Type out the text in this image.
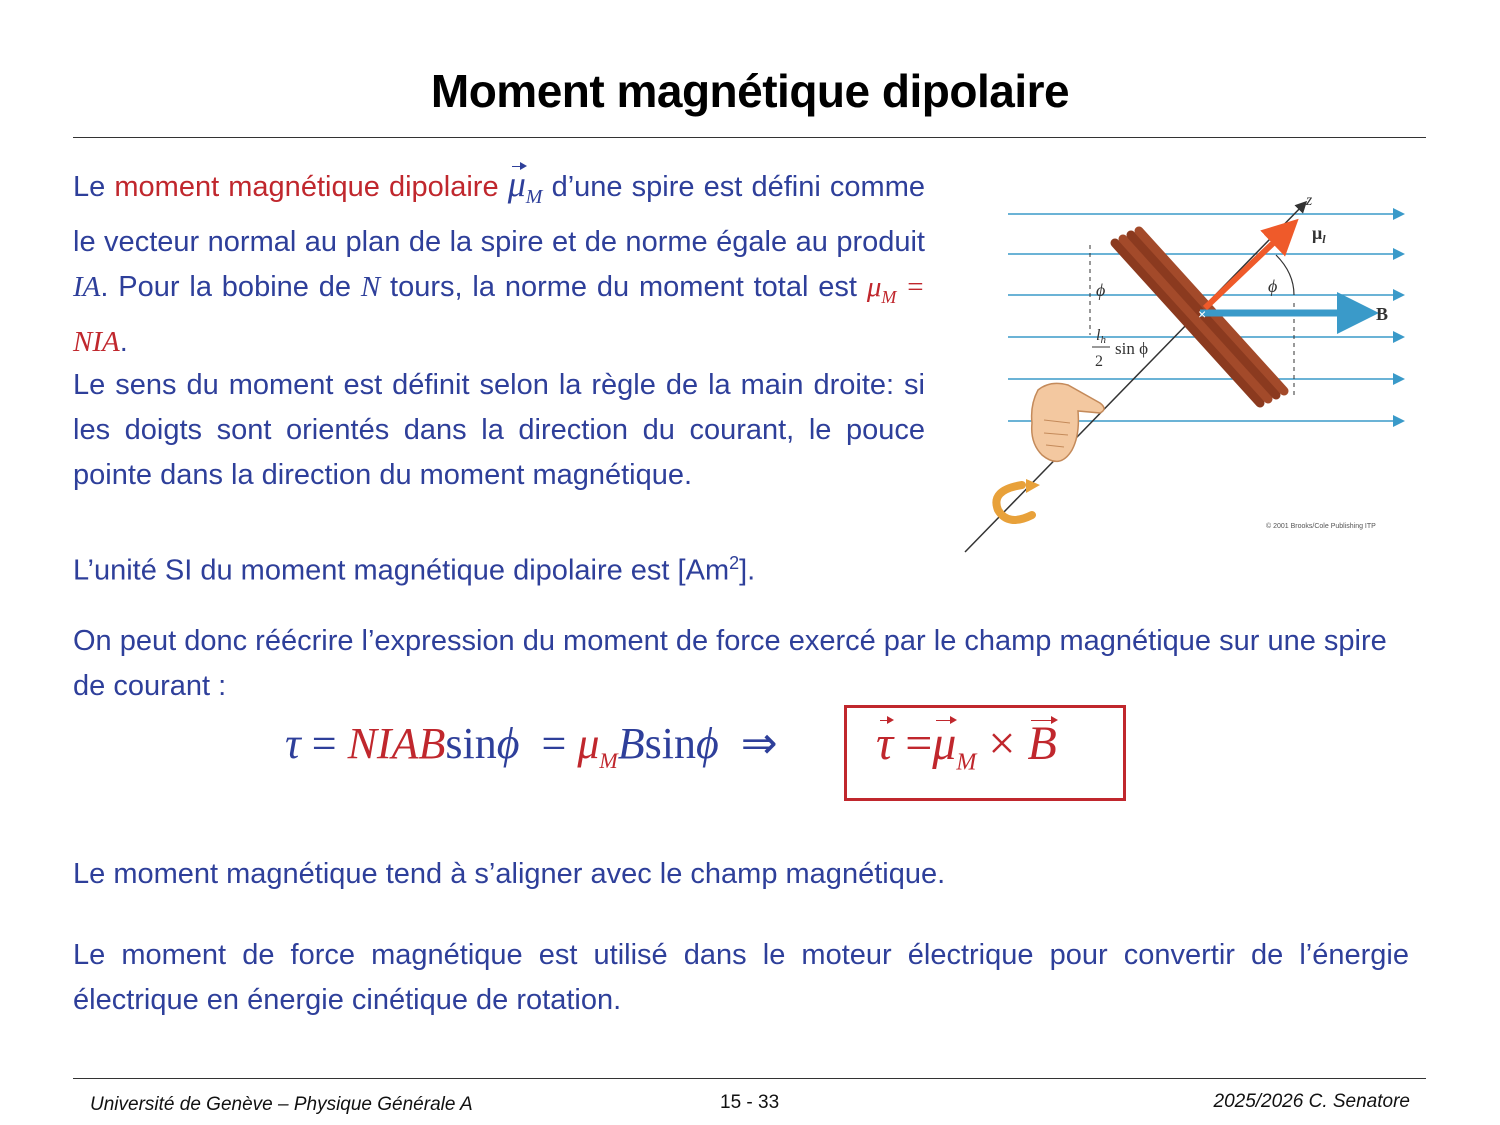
Moment magnétique dipolaire
Le moment magnétique dipolaire $\mu_M$ d’une spire est défini comme le vecteur normal au plan de la spire et de norme égale au produit IA. Pour la bobine de N tours, la norme du moment total est $\mu_M$ = NIA.
Le sens du moment est définit selon la règle de la main droite: si les doigts sont orientés dans la direction du courant, le pouce pointe dans la direction du moment magnétique.
L’unité SI du moment magnétique dipolaire est [Am$^2$].
On peut donc réécrire l’expression du moment de force exercé par le champ magnétique sur une spire de courant :
τ = NIABsinϕ = $\mu_MBsin\phi$ ⇒ $\tau =\mu_M \times B$
Le moment magnétique tend à s’aligner avec le champ magnétique.
Le moment de force magnétique est utilisé dans le moteur électrique pour convertir de l’énergie électrique en énergie cinétique de rotation.
×
z
$\mu_l$
ϕ	ϕ
B
lh
2
sin ϕ
© 2001 Brooks/Cole Publishing ITP
Université de Genève – Physique Générale A	15 - 33	2025/2026 C. Senatore
